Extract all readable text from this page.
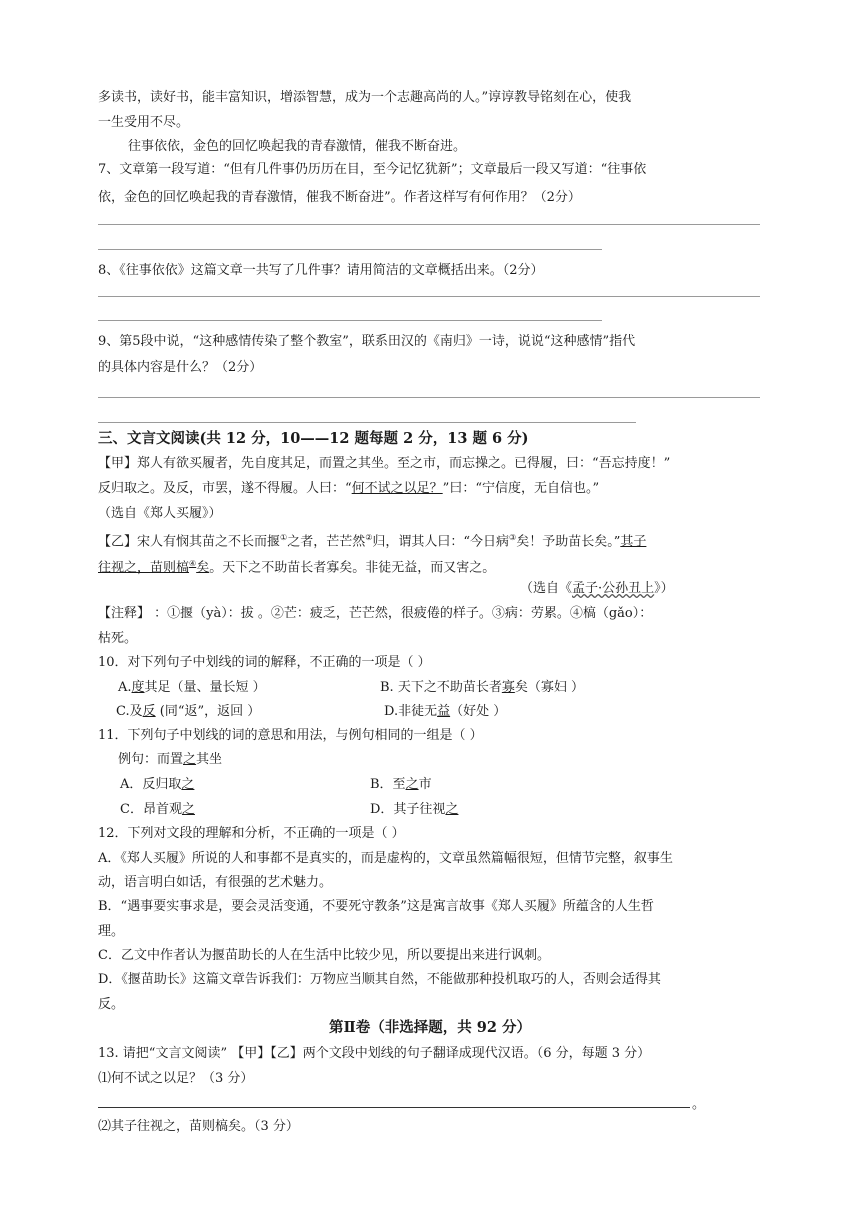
多读书，读好书，能丰富知识，增添智慧，成为一个志趣高尚的人。”谆谆教导铭刻在心，使我
一生受用不尽。
往事依依，金色的回忆唤起我的青春激情，催我不断奋进。
7、文章第一段写道：“但有几件事仍历历在目，至今记忆犹新”；文章最后一段又写道：“往事依
依，金色的回忆唤起我的青春激情，催我不断奋进”。作者这样写有何作用？（2分）
8、《往事依依》这篇文章一共写了几件事？请用简洁的文章概括出来。（2分）
9、第5段中说，“这种感情传染了整个教室”，联系田汉的《南归》一诗，说说“这种感情”指代
的具体内容是什么？（2分）
三、文言文阅读(共 12 分，10——12 题每题 2 分，13 题 6 分)
【甲】郑人有欲买履者，先自度其足，而置之其坐。至之市，而忘操之。已得履，曰：“吾忘持度！”
反归取之。及反，市罢，遂不得履。人曰：“何不试之以足？”曰：“宁信度，无自信也。”
（选自《郑人买履》）
【乙】宋人有悯其苗之不长而揠①之者，芒芒然②归，谓其人曰：“今日病③矣！予助苗长矣。”其子
往视之，苗则槁④矣。天下之不助苗长者寡矣。非徒无益，而又害之。
（选自《孟子·公孙丑上》）
【注释】 ：①揠（yà）：拔 。②芒：疲乏，芒芒然，很疲倦的样子。③病：劳累。④槁（gǎo）：
枯死。
10．对下列句子中划线的词的解释，不正确的一项是（ ）
A.度其足（量、量长短 ）	B. 天下之不助苗长者寡矣（寡妇 ）
C.及反 (同“返”，返回 ）	D.非徒无益（好处 ）
11．下列句子中划线的词的意思和用法，与例句相同的一组是（ ）
例句：而置之其坐
A．反归取之	B．至之市
C．昂首观之	D．其子往视之
12．下列对文段的理解和分析，不正确的一项是（ ）
A．《郑人买履》所说的人和事都不是真实的，而是虚构的，文章虽然篇幅很短，但情节完整，叙事生
动，语言明白如话，有很强的艺术魅力。
B．“遇事要实事求是，要会灵活变通，不要死守教条”这是寓言故事《郑人买履》所蕴含的人生哲
理。
C．乙文中作者认为揠苗助长的人在生活中比较少见，所以要提出来进行讽刺。
D．《揠苗助长》这篇文章告诉我们：万物应当顺其自然，不能做那种投机取巧的人，否则会适得其
反。
第Ⅱ卷（非选择题，共 92 分）
13. 请把“文言文阅读” 【甲】【乙】两个文段中划线的句子翻译成现代汉语。（6 分，每题 3 分）
⑴何不试之以足？（3 分）
。
⑵其子往视之，苗则槁矣。（3 分）
